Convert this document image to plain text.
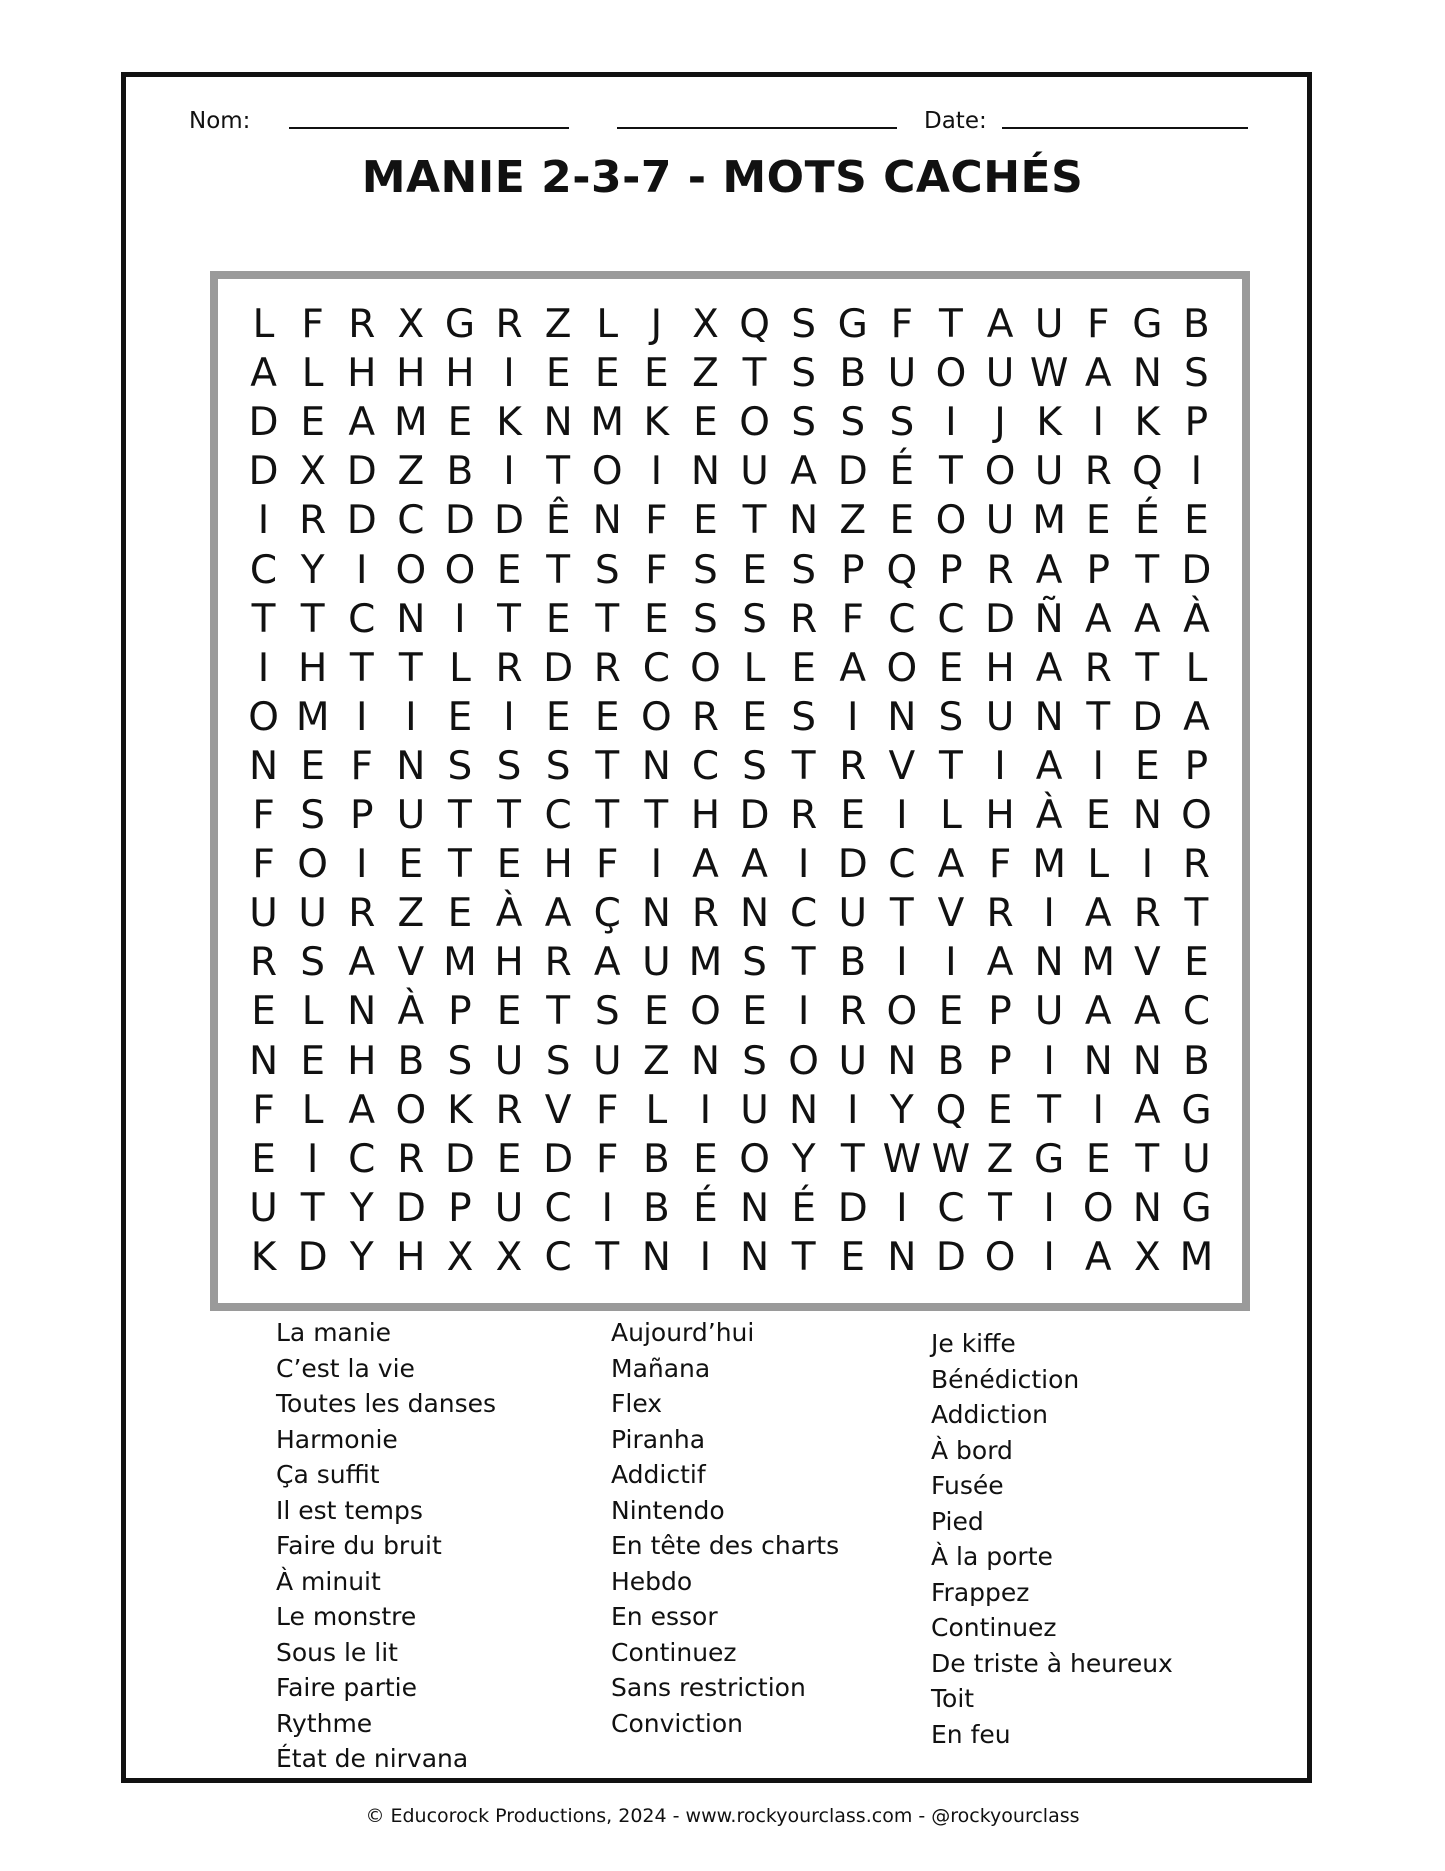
Nom:	Date:
MANIE 2-3-7 - MOTS CACHÉS
L F R X G R Z L J X Q S G F T A U F G B
A L H H H I E E E Z T S B U O U W A N S
D E A M E K N M K E O S S S I J K I K P
D X D Z B I T O I N U A D É T O U R Q I
I R D C D D Ê N F E T N Z E O U M E É E
C Y I O O E T S F S E S P Q P R A P T D
T T C N I T E T E S S R F C C D Ñ A A À
I H T T L R D R C O L E A O E H A R T L
O M I I E I E E O R E S I N S U N T D A
N E F N S S S T N C S T R V T I A I E P
F S P U T T C T T H D R E I L H À E N O
F O I E T E H F I A A I D C A F M L I R
U U R Z E À A Ç N R N C U T V R I A R T
R S A V M H R A U M S T B I I A N M V E
E L N À P E T S E O E I R O E P U A A C
N E H B S U S U Z N S O U N B P I N N B
F L A O K R V F L I U N I Y Q E T I A G
E I C R D E D F B E O Y T W W Z G E T U
U T Y D P U C I B É N É D I C T I O N G
K D Y H X X C T N I N T E N D O I A X M
La manie
C’est la vie
Toutes les danses
Harmonie
Ça suffit
Il est temps
Faire du bruit
À minuit
Le monstre
Sous le lit
Faire partie
Rythme
État de nirvana
Aujourd’hui
Mañana
Flex
Piranha
Addictif
Nintendo
En tête des charts
Hebdo
En essor
Continuez
Sans restriction
Conviction
Je kiffe
Bénédiction
Addiction
À bord
Fusée
Pied
À la porte
Frappez
Continuez
De triste à heureux
Toit
En feu
© Educorock Productions, 2024 - www.rockyourclass.com - @rockyourclass
